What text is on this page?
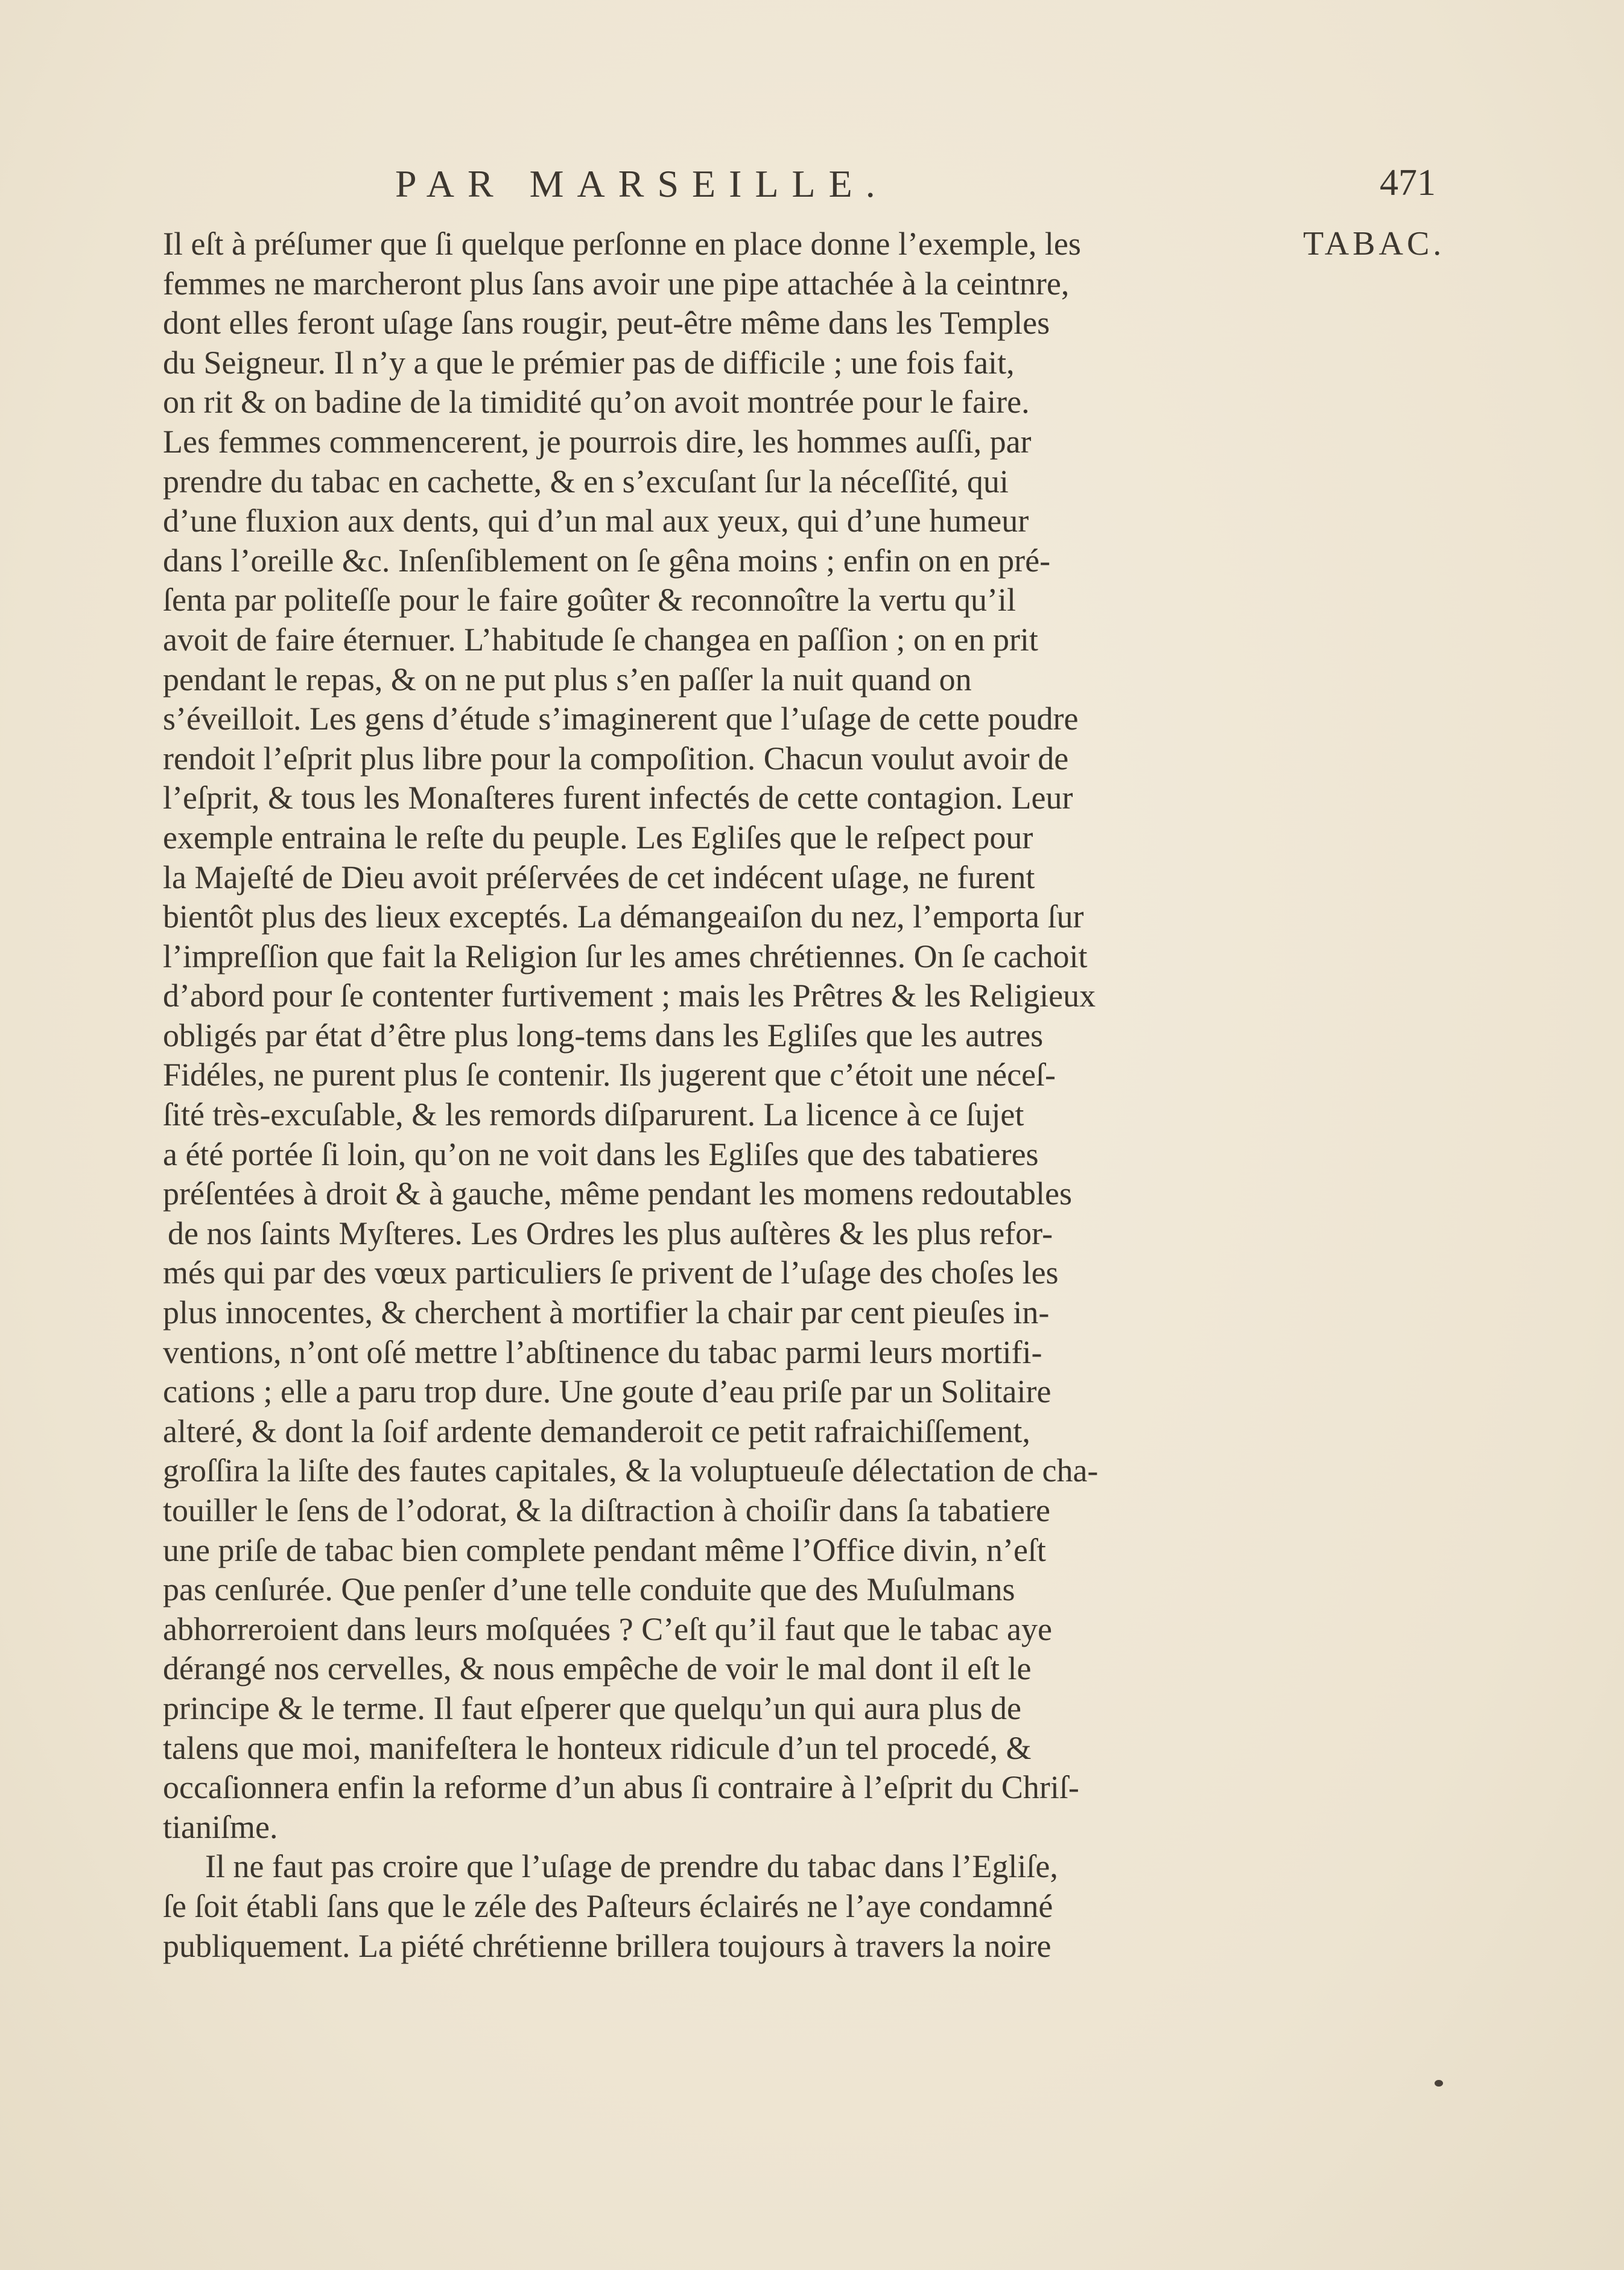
PAR MARSEILLE.	471
TABAC.
Il eſt à préſumer que ſi quelque perſonne en place donne l’exemple, les
femmes ne marcheront plus ſans avoir une pipe attachée à la ceintnre,
dont elles feront uſage ſans rougir, peut-être même dans les Temples
du Seigneur. Il n’y a que le prémier pas de difficile ; une fois fait,
on rit & on badine de la timidité qu’on avoit montrée pour le faire.
Les femmes commencerent, je pourrois dire, les hommes auſſi, par
prendre du tabac en cachette, & en s’excuſant ſur la néceſſité, qui
d’une fluxion aux dents, qui d’un mal aux yeux, qui d’une humeur
dans l’oreille &c. Inſenſiblement on ſe gêna moins ; enfin on en pré-
ſenta par politeſſe pour le faire goûter & reconnoître la vertu qu’il
avoit de faire éternuer. L’habitude ſe changea en paſſion ; on en prit
pendant le repas, & on ne put plus s’en paſſer la nuit quand on
s’éveilloit. Les gens d’étude s’imaginerent que l’uſage de cette poudre
rendoit l’eſprit plus libre pour la compoſition. Chacun voulut avoir de
l’eſprit, & tous les Monaſteres furent infectés de cette contagion. Leur
exemple entraina le reſte du peuple. Les Egliſes que le reſpect pour
la Majeſté de Dieu avoit préſervées de cet indécent uſage, ne furent
bientôt plus des lieux exceptés. La démangeaiſon du nez, l’emporta ſur
l’impreſſion que fait la Religion ſur les ames chrétiennes. On ſe cachoit
d’abord pour ſe contenter furtivement ; mais les Prêtres & les Religieux
obligés par état d’être plus long-tems dans les Egliſes que les autres
Fidéles, ne purent plus ſe contenir. Ils jugerent que c’étoit une néceſ-
ſité très-excuſable, & les remords diſparurent. La licence à ce ſujet
a été portée ſi loin, qu’on ne voit dans les Egliſes que des tabatieres
préſentées à droit & à gauche, même pendant les momens redoutables
de nos ſaints Myſteres. Les Ordres les plus auſtères & les plus refor-
més qui par des vœux particuliers ſe privent de l’uſage des choſes les
plus innocentes, & cherchent à mortifier la chair par cent pieuſes in-
ventions, n’ont oſé mettre l’abſtinence du tabac parmi leurs mortifi-
cations ; elle a paru trop dure. Une goute d’eau priſe par un Solitaire
alteré, & dont la ſoif ardente demanderoit ce petit rafraichiſſement,
groſſira la liſte des fautes capitales, & la voluptueuſe délectation de cha-
touiller le ſens de l’odorat, & la diſtraction à choiſir dans ſa tabatiere
une priſe de tabac bien complete pendant même l’Office divin, n’eſt
pas cenſurée. Que penſer d’une telle conduite que des Muſulmans
abhorreroient dans leurs moſquées ? C’eſt qu’il faut que le tabac aye
dérangé nos cervelles, & nous empêche de voir le mal dont il eſt le
principe & le terme. Il faut eſperer que quelqu’un qui aura plus de
talens que moi, manifeſtera le honteux ridicule d’un tel procedé, &
occaſionnera enfin la reforme d’un abus ſi contraire à l’eſprit du Chriſ-
tianiſme.
Il ne faut pas croire que l’uſage de prendre du tabac dans l’Egliſe,
ſe ſoit établi ſans que le zéle des Paſteurs éclairés ne l’aye condamné
publiquement. La piété chrétienne brillera toujours à travers la noire
